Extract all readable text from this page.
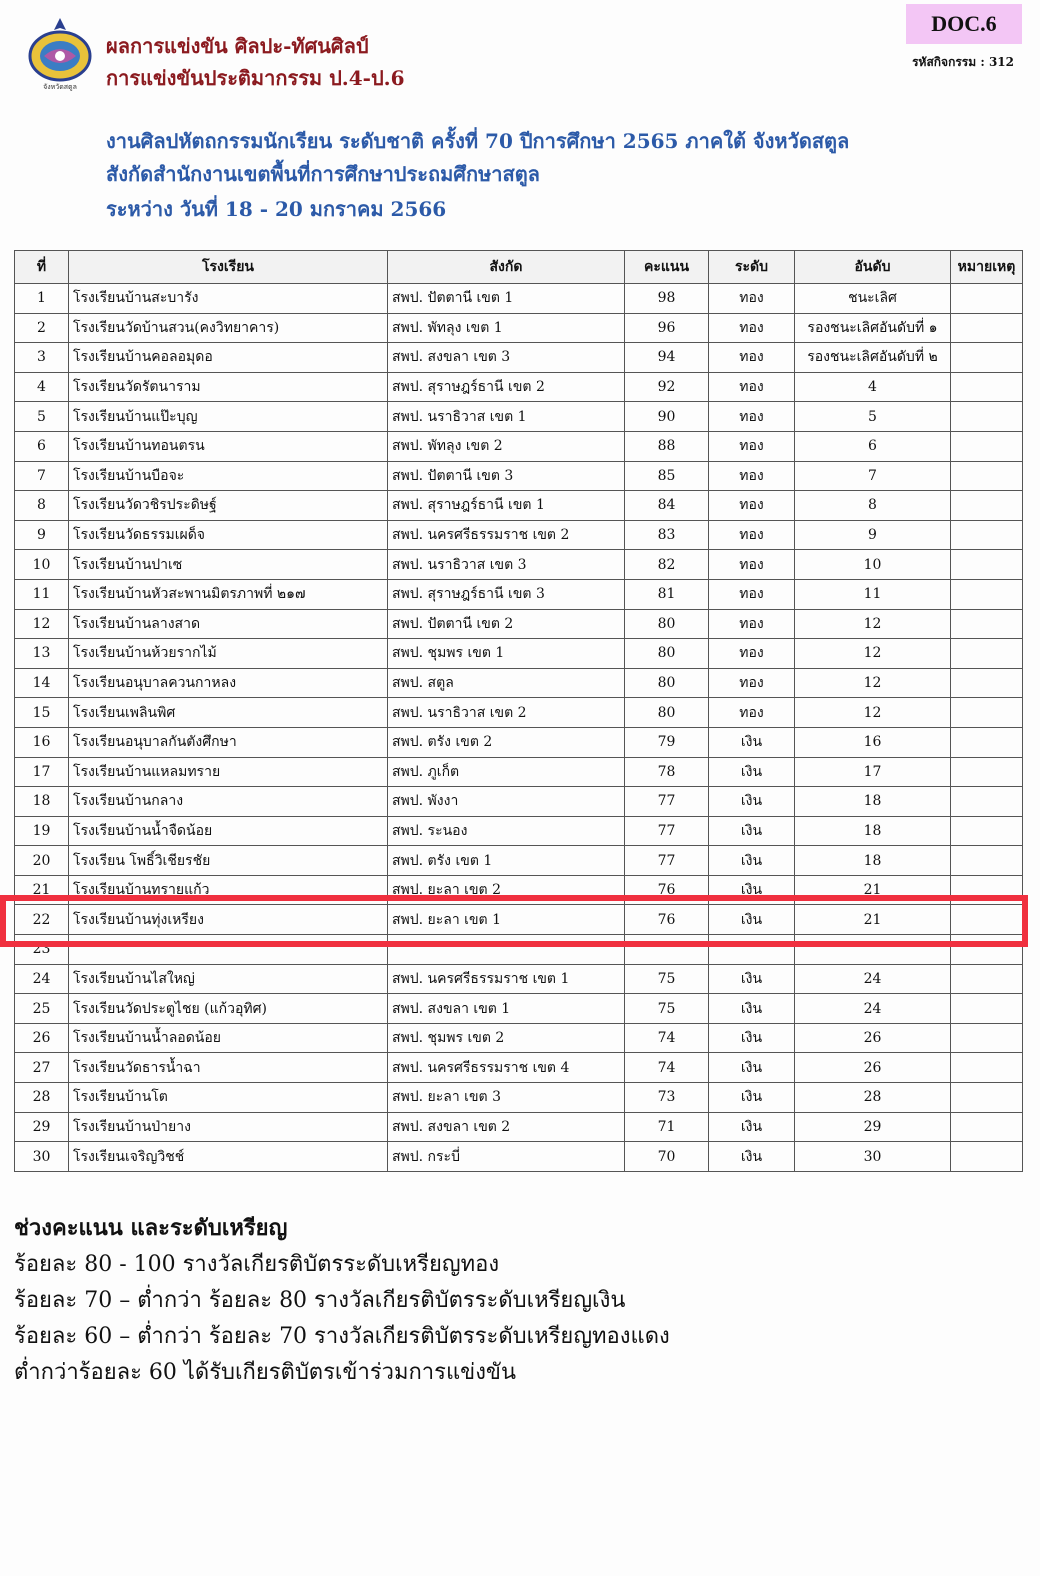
จังหวัดสตูล
ผลการแข่งขัน ศิลปะ-ทัศนศิลป์
การแข่งขันประติมากรรม ป.4-ป.6
DOC.6
รหัสกิจกรรม : 312
งานศิลปหัตถกรรมนักเรียน ระดับชาติ ครั้งที่ 70 ปีการศึกษา 2565 ภาคใต้ จังหวัดสตูล
สังกัดสำนักงานเขตพื้นที่การศึกษาประถมศึกษาสตูล
ระหว่าง วันที่ 18 - 20 มกราคม 2566
ที่	โรงเรียน	สังกัด	คะแนน	ระดับ	อันดับ	หมายเหตุ
1	โรงเรียนบ้านสะบารัง	สพป. ปัตตานี เขต 1	98	ทอง	ชนะเลิศ	
2	โรงเรียนวัดบ้านสวน(คงวิทยาคาร)	สพป. พัทลุง เขต 1	96	ทอง	รองชนะเลิศอันดับที่ ๑	
3	โรงเรียนบ้านคอลอมุดอ	สพป. สงขลา เขต 3	94	ทอง	รองชนะเลิศอันดับที่ ๒	
4	โรงเรียนวัดรัตนาราม	สพป. สุราษฎร์ธานี เขต 2	92	ทอง	4	
5	โรงเรียนบ้านแป๊ะบุญ	สพป. นราธิวาส เขต 1	90	ทอง	5	
6	โรงเรียนบ้านทอนตรน	สพป. พัทลุง เขต 2	88	ทอง	6	
7	โรงเรียนบ้านบือจะ	สพป. ปัตตานี เขต 3	85	ทอง	7	
8	โรงเรียนวัดวชิรประดิษฐ์	สพป. สุราษฎร์ธานี เขต 1	84	ทอง	8	
9	โรงเรียนวัดธรรมเผด็จ	สพป. นครศรีธรรมราช เขต 2	83	ทอง	9	
10	โรงเรียนบ้านปาเซ	สพป. นราธิวาส เขต 3	82	ทอง	10	
11	โรงเรียนบ้านหัวสะพานมิตรภาพที่ ๒๑๗	สพป. สุราษฎร์ธานี เขต 3	81	ทอง	11	
12	โรงเรียนบ้านลางสาด	สพป. ปัตตานี เขต 2	80	ทอง	12	
13	โรงเรียนบ้านห้วยรากไม้	สพป. ชุมพร เขต 1	80	ทอง	12	
14	โรงเรียนอนุบาลควนกาหลง	สพป. สตูล	80	ทอง	12	
15	โรงเรียนเพลินพิศ	สพป. นราธิวาส เขต 2	80	ทอง	12	
16	โรงเรียนอนุบาลกันตังศึกษา	สพป. ตรัง เขต 2	79	เงิน	16	
17	โรงเรียนบ้านแหลมทราย	สพป. ภูเก็ต	78	เงิน	17	
18	โรงเรียนบ้านกลาง	สพป. พังงา	77	เงิน	18	
19	โรงเรียนบ้านน้ำจืดน้อย	สพป. ระนอง	77	เงิน	18	
20	โรงเรียน โพธิ์วิเชียรชัย	สพป. ตรัง เขต 1	77	เงิน	18	
21	โรงเรียนบ้านทรายแก้ว	สพป. ยะลา เขต 2	76	เงิน	21	
22	โรงเรียนบ้านทุ่งเหรียง	สพป. ยะลา เขต 1	76	เงิน	21	
23						
24	โรงเรียนบ้านไสใหญ่	สพป. นครศรีธรรมราช เขต 1	75	เงิน	24	
25	โรงเรียนวัดประตูไชย (แก้วอุทิศ)	สพป. สงขลา เขต 1	75	เงิน	24	
26	โรงเรียนบ้านน้ำลอดน้อย	สพป. ชุมพร เขต 2	74	เงิน	26	
27	โรงเรียนวัดธารน้ำฉา	สพป. นครศรีธรรมราช เขต 4	74	เงิน	26	
28	โรงเรียนบ้านโต	สพป. ยะลา เขต 3	73	เงิน	28	
29	โรงเรียนบ้านป่ายาง	สพป. สงขลา เขต 2	71	เงิน	29	
30	โรงเรียนเจริญวิชช์	สพป. กระบี่	70	เงิน	30	
ช่วงคะแนน และระดับเหรียญ
ร้อยละ 80 - 100 รางวัลเกียรติบัตรระดับเหรียญทอง
ร้อยละ 70 – ต่ำกว่า ร้อยละ 80 รางวัลเกียรติบัตรระดับเหรียญเงิน
ร้อยละ 60 – ต่ำกว่า ร้อยละ 70 รางวัลเกียรติบัตรระดับเหรียญทองแดง
ต่ำกว่าร้อยละ 60 ได้รับเกียรติบัตรเข้าร่วมการแข่งขัน
